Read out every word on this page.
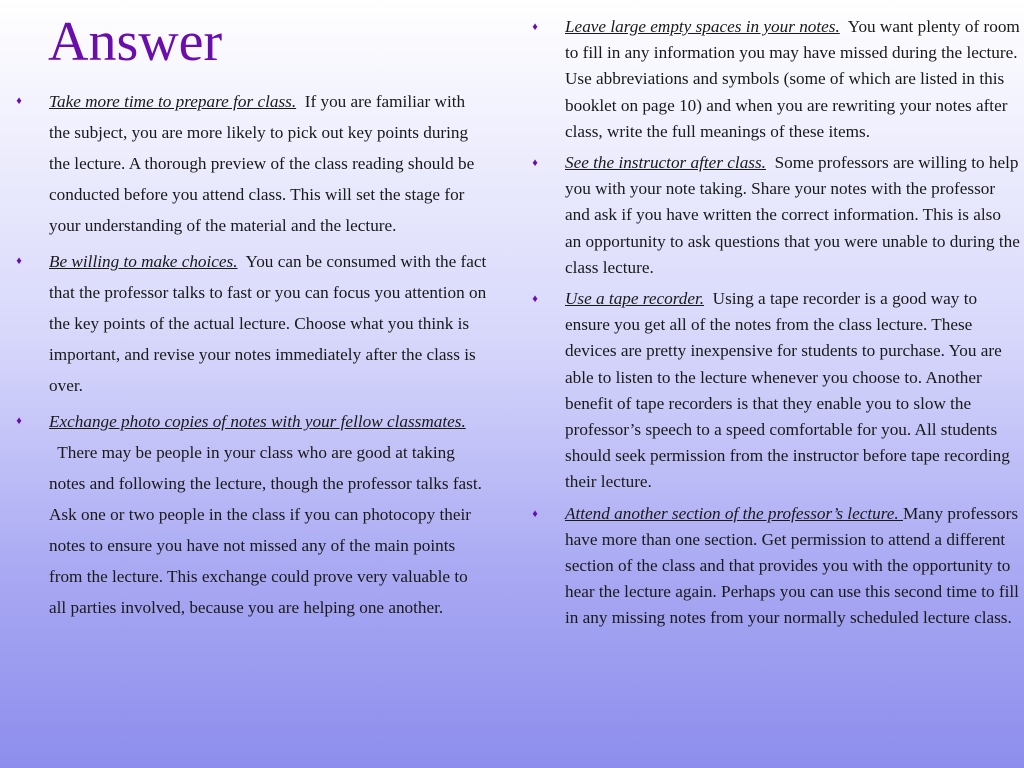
Answer
♦	Take more time to prepare for class. If you are familiar with the subject, you are more likely to pick out key points during the lecture. A thorough preview of the class reading should be conducted before you attend class. This will set the stage for your understanding of the material and the lecture.
♦	Be willing to make choices. You can be consumed with the fact that the professor talks to fast or you can focus you attention on the key points of the actual lecture. Choose what you think is important, and revise your notes immediately after the class is over.
♦	Exchange photo copies of notes with your fellow classmates.  There may be people in your class who are good at taking notes and following the lecture, though the professor talks fast. Ask one or two people in the class if you can photocopy their notes to ensure you have not missed any of the main points from the lecture. This exchange could prove very valuable to all parties involved, because you are helping one another.
♦	Leave large empty spaces in your notes. You want plenty of room to fill in any information you may have missed during the lecture. Use abbreviations and symbols (some of which are listed in this booklet on page 10) and when you are rewriting your notes after class, write the full meanings of these items.
♦	See the instructor after class. Some professors are willing to help you with your note taking. Share your notes with the professor and ask if you have written the correct information. This is also an opportunity to ask questions that you were unable to during the class lecture.
♦	Use a tape recorder. Using a tape recorder is a good way to ensure you get all of the notes from the class lecture. These devices are pretty inexpensive for students to purchase. You are able to listen to the lecture whenever you choose to. Another benefit of tape recorders is that they enable you to slow the professor’s speech to a speed comfortable for you. All students should seek permission from the instructor before tape recording their lecture.
♦	Attend another section of the professor’s lecture. Many professors have more than one section. Get permission to attend a different section of the class and that provides you with the opportunity to hear the lecture again. Perhaps you can use this second time to fill in any missing notes from your normally scheduled lecture class.
